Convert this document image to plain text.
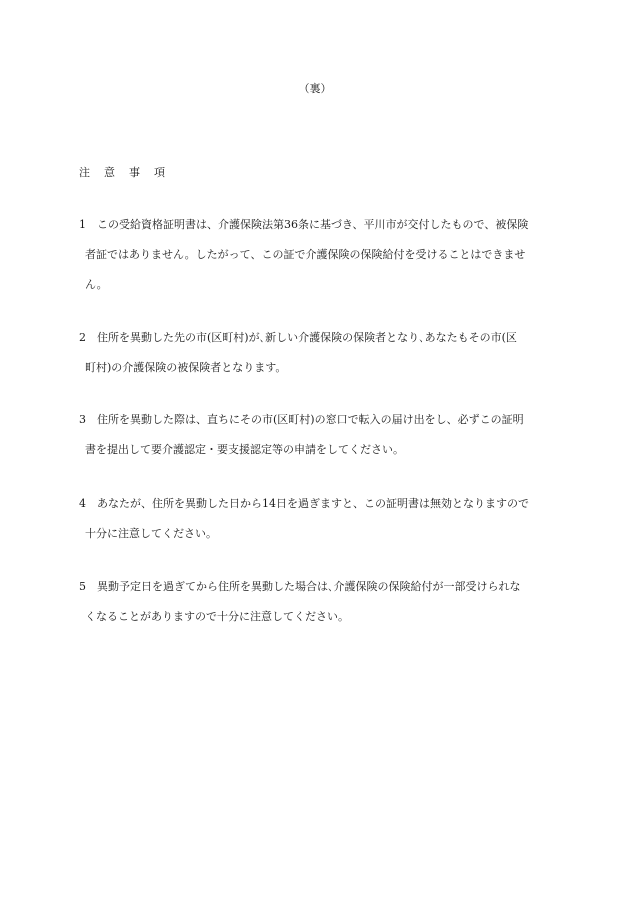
（裏）
注 意 事 項
1 この受給資格証明書は、介護保険法第36条に基づき、平川市が交付したもので、被保険
者証ではありません。したがって、この証で介護保険の保険給付を受けることはできませ
ん。
2 住所を異動した先の市(区町村)が､新しい介護保険の保険者となり､あなたもその市(区
町村)の介護保険の被保険者となります。
3 住所を異動した際は、直ちにその市(区町村)の窓口で転入の届け出をし、必ずこの証明
書を提出して要介護認定・要支援認定等の申請をしてください。
4 あなたが、住所を異動した日から14日を過ぎますと、この証明書は無効となりますので
十分に注意してください。
5 異動予定日を過ぎてから住所を異動した場合は､介護保険の保険給付が一部受けられな
くなることがありますので十分に注意してください。
